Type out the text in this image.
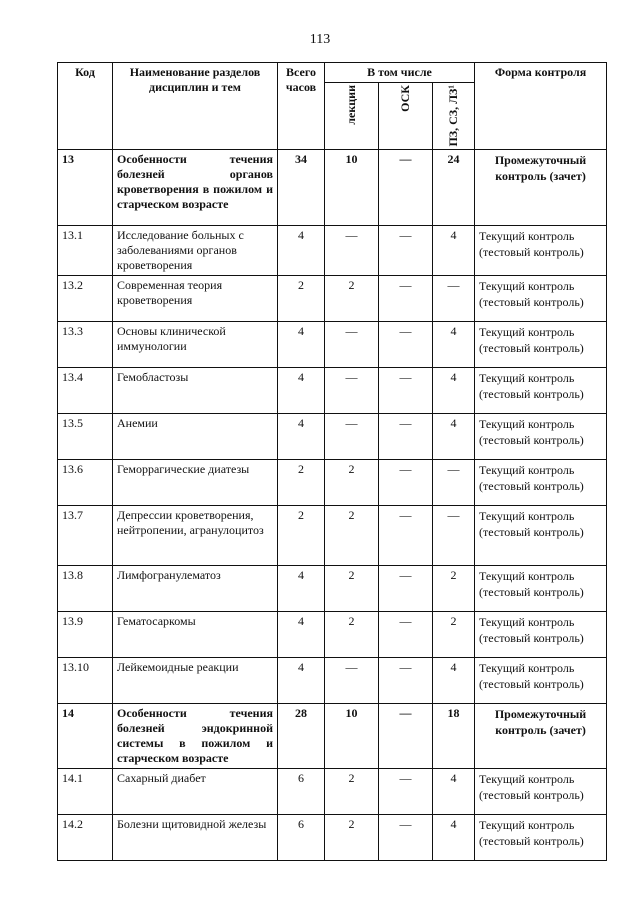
113
Код	Наименование разделов дисциплин и тем	Всего часов	В том числе			Форма контроля

			лекции	ОСК	ПЗ, СЗ, ЛЗ¹	

13	Особенности течения болезней органов кроветворения в пожилом и старческом возрасте	34	10	—	24	Промежуточный контроль (зачет)
13.1	Исследование больных с заболеваниями органов кроветворения	4	—	—	4	Текущий контроль (тестовый контроль)
13.2	Современная теория кроветворения	2	2	—	—	Текущий контроль (тестовый контроль)
13.3	Основы клинической иммунологии	4	—	—	4	Текущий контроль (тестовый контроль)
13.4	Гемобластозы	4	—	—	4	Текущий контроль (тестовый контроль)
13.5	Анемии	4	—	—	4	Текущий контроль (тестовый контроль)
13.6	Геморрагические диатезы	2	2	—	—	Текущий контроль (тестовый контроль)
13.7	Депрессии кроветворения, нейтропении, агранулоцитоз	2	2	—	—	Текущий контроль (тестовый контроль)
13.8	Лимфогранулематоз	4	2	—	2	Текущий контроль (тестовый контроль)
13.9	Гематосаркомы	4	2	—	2	Текущий контроль (тестовый контроль)
13.10	Лейкемоидные реакции	4	—	—	4	Текущий контроль (тестовый контроль)
14	Особенности течения болезней эндокринной системы в пожилом и старческом возрасте	28	10	—	18	Промежуточный контроль (зачет)
14.1	Сахарный диабет	6	2	—	4	Текущий контроль (тестовый контроль)
14.2	Болезни щитовидной железы	6	2	—	4	Текущий контроль (тестовый контроль)
